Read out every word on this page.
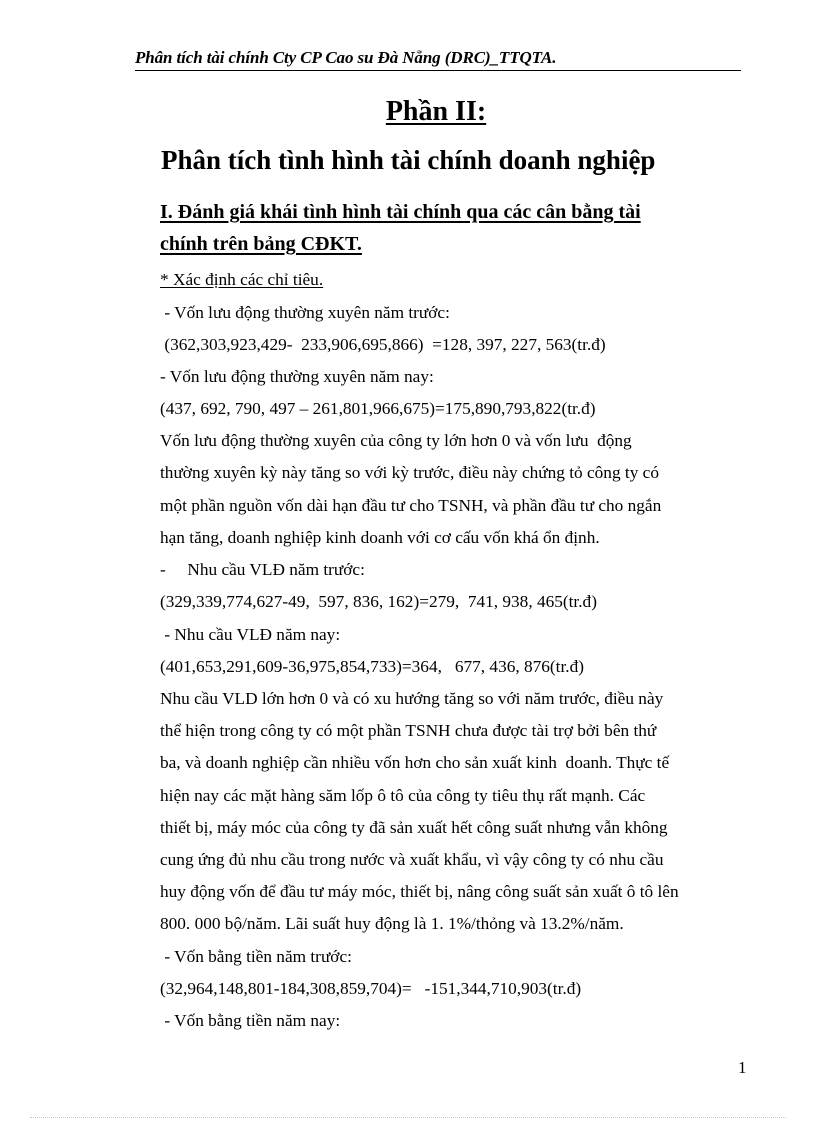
Phân tích tài chính Cty CP Cao su Đà Nẵng (DRC)_TTQTA.
Phần II:
Phân tích tình hình tài chính doanh nghiệp
I. Đánh giá khái tình hình tài chính qua các cân bằng tài
chính trên bảng CĐKT.
* Xác định các chỉ tiêu.
- Vốn lưu động thường xuyên năm trước:
(362,303,923,429-  233,906,695,866)  =128, 397, 227, 563(tr.đ)
- Vốn lưu động thường xuyên năm nay:
(437, 692, 790, 497 – 261,801,966,675)=175,890,793,822(tr.đ)
Vốn lưu động thường xuyên của công ty lớn hơn 0 và vốn lưu  động
thường xuyên kỳ này tăng so với kỳ trước, điều này chứng tỏ công ty có
một phần nguồn vốn dài hạn đầu tư cho TSNH, và phần đầu tư cho ngắn
hạn tăng, doanh nghiệp kinh doanh với cơ cấu vốn khá ổn định.
-     Nhu cầu VLĐ năm trước:
(329,339,774,627-49,  597, 836, 162)=279,  741, 938, 465(tr.đ)
- Nhu cầu VLĐ năm nay:
(401,653,291,609-36,975,854,733)=364,   677, 436, 876(tr.đ)
Nhu cầu VLD lớn hơn 0 và có xu hướng tăng so với năm trước, điều này
thể hiện trong công ty có một phần TSNH chưa được tài trợ bởi bên thứ
ba, và doanh nghiệp cần nhiều vốn hơn cho sản xuất kinh  doanh. Thực tế
hiện nay các mặt hàng săm lốp ô tô của công ty tiêu thụ rất mạnh. Các
thiết bị, máy móc của công ty đã sản xuất hết công suất nhưng vẫn không
cung ứng đủ nhu cầu trong nước và xuất khẩu, vì vậy công ty có nhu cầu
huy động vốn để đầu tư máy móc, thiết bị, nâng công suất sản xuất ô tô lên
800. 000 bộ/năm. Lãi suất huy động là 1. 1%/thỏng và 13.2%/năm.
- Vốn bằng tiền năm trước:
(32,964,148,801-184,308,859,704)=   -151,344,710,903(tr.đ)
- Vốn bằng tiền năm nay:
1
